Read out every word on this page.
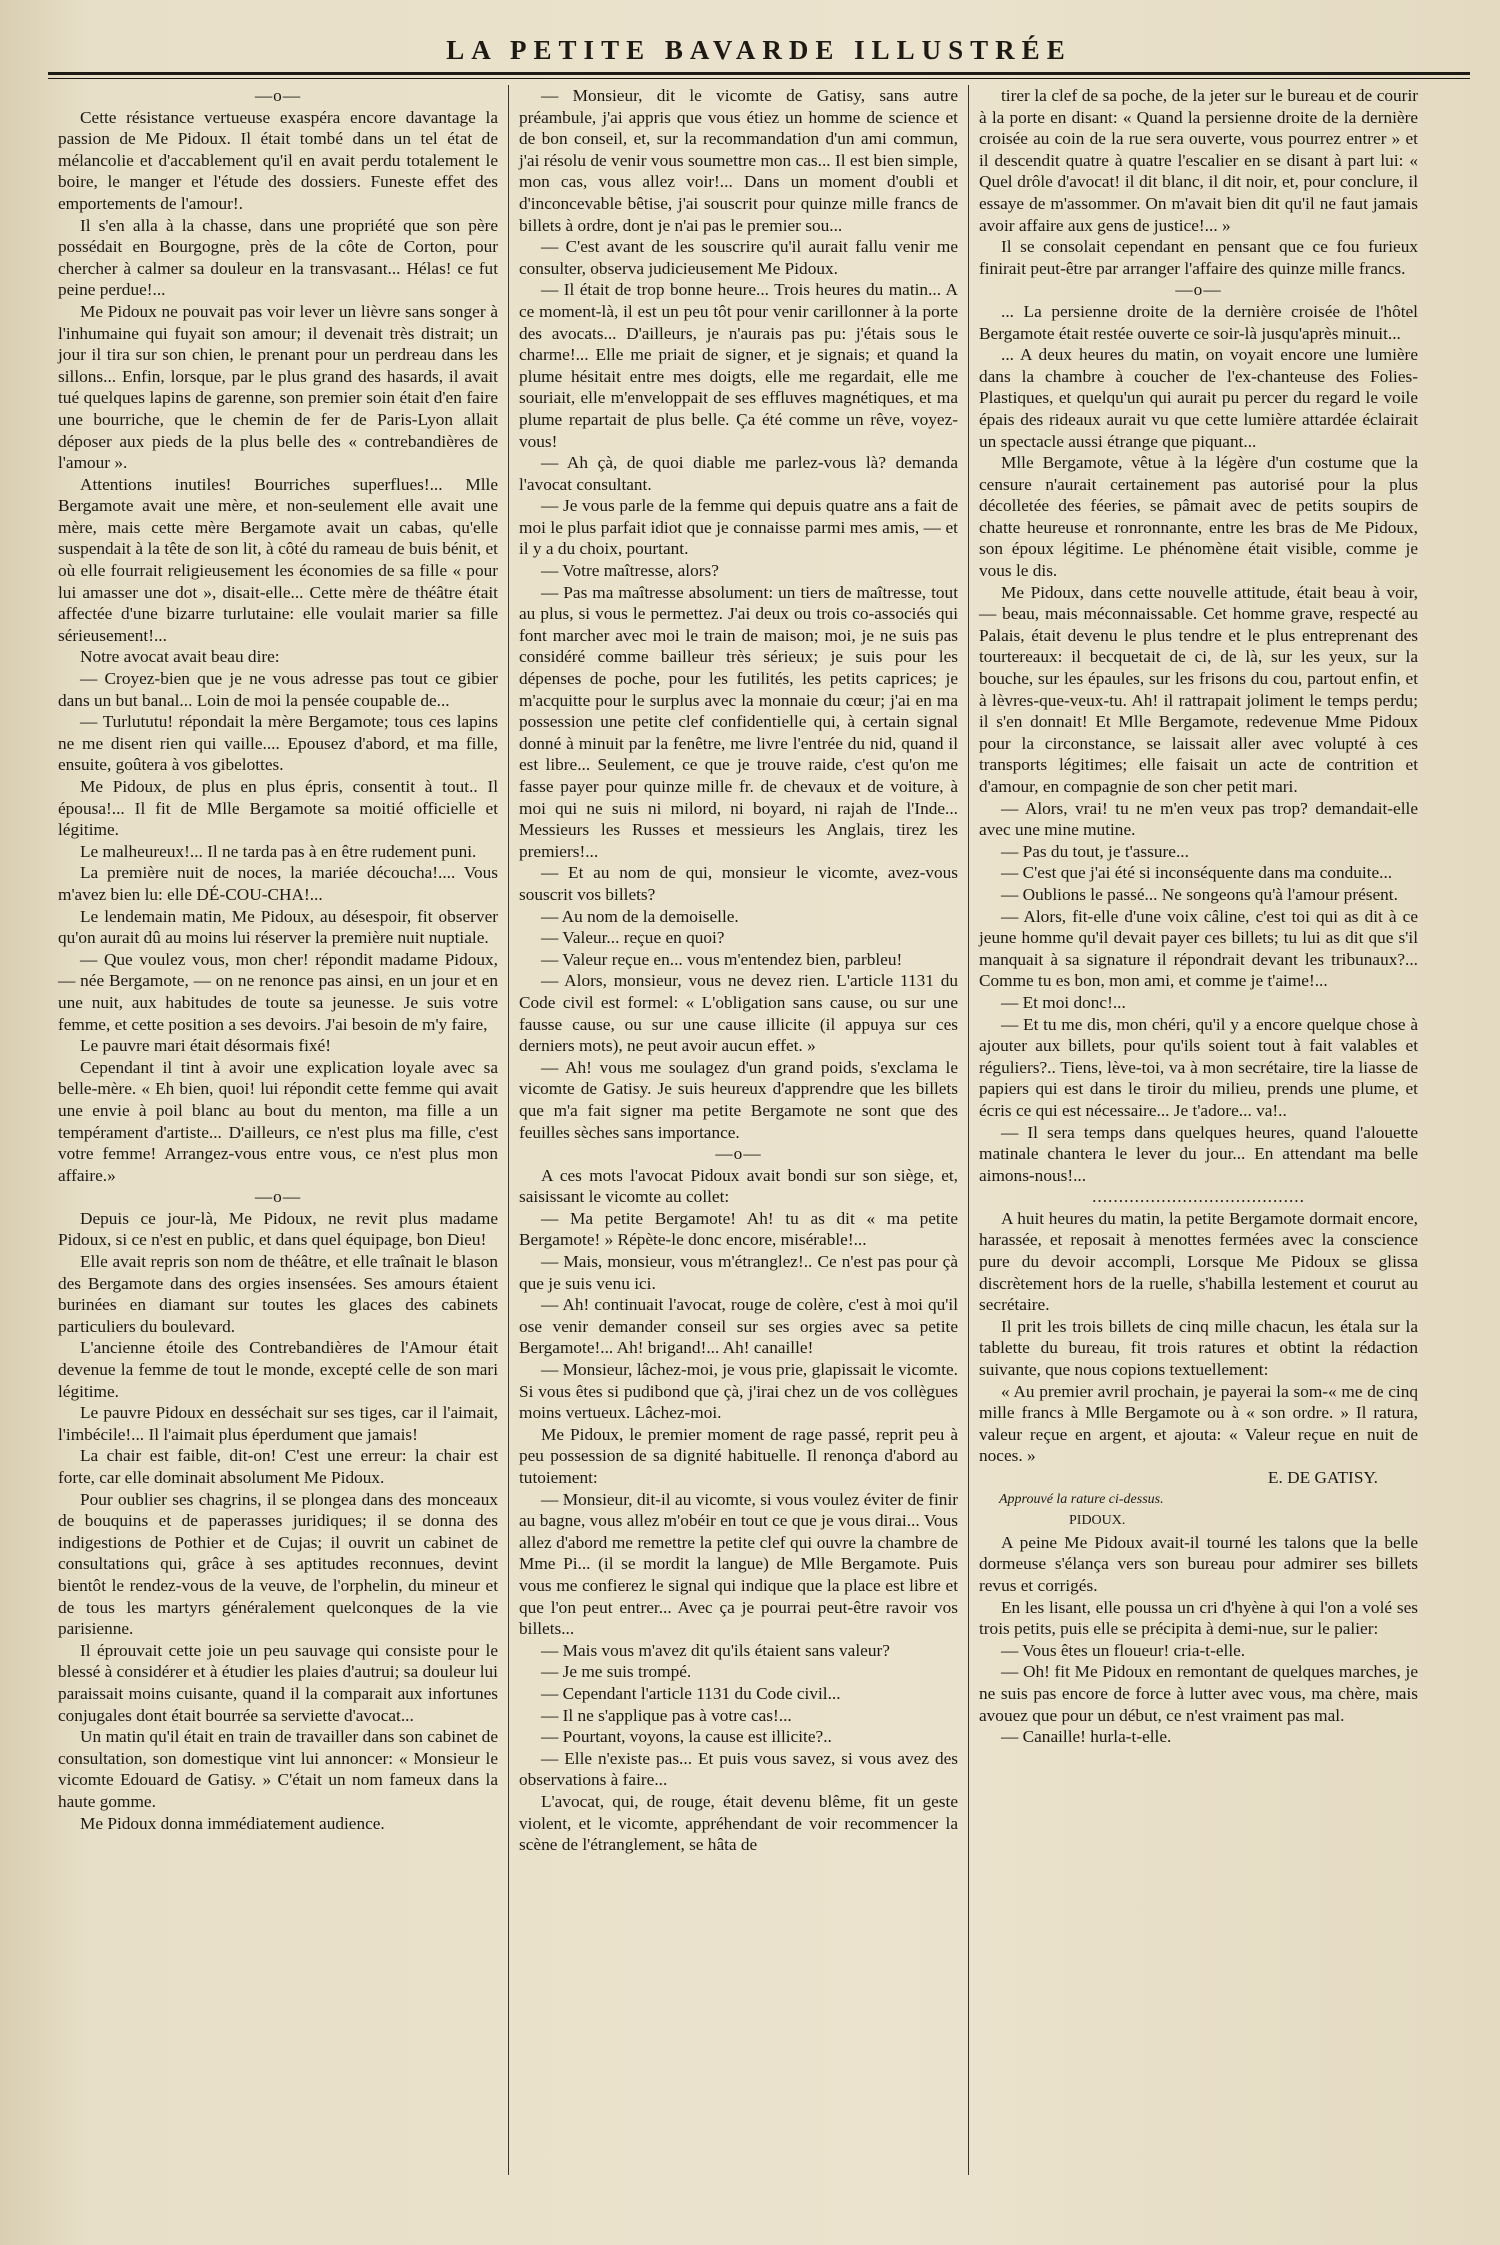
LA PETITE BAVARDE ILLUSTRÉE

—o—

Cette résistance vertueuse exaspéra encore davantage la passion de Me Pidoux. Il était tombé dans un tel état de mélancolie et d'accablement qu'il en avait perdu totalement le boire, le manger et l'étude des dossiers. Funeste effet des emportements de l'amour!.

Il s'en alla à la chasse, dans une propriété que son père possédait en Bourgogne, près de la côte de Corton, pour chercher à calmer sa douleur en la transvasant... Hélas! ce fut peine perdue!...

Me Pidoux ne pouvait pas voir lever un lièvre sans songer à l'inhumaine qui fuyait son amour; il devenait très distrait; un jour il tira sur son chien, le prenant pour un perdreau dans les sillons... Enfin, lorsque, par le plus grand des hasards, il avait tué quelques lapins de garenne, son premier soin était d'en faire une bourriche, que le chemin de fer de Paris-Lyon allait déposer aux pieds de la plus belle des « contrebandières de l'amour ».

Attentions inutiles! Bourriches superflues!... Mlle Bergamote avait une mère, et non-seulement elle avait une mère, mais cette mère Bergamote avait un cabas, qu'elle suspendait à la tête de son lit, à côté du rameau de buis bénit, et où elle fourrait religieusement les économies de sa fille « pour lui amasser une dot », disait-elle... Cette mère de théâtre était affectée d'une bizarre turlutaine: elle voulait marier sa fille sérieusement!...

Notre avocat avait beau dire:

— Croyez-bien que je ne vous adresse pas tout ce gibier dans un but banal... Loin de moi la pensée coupable de...

— Turlututu! répondait la mère Bergamote; tous ces lapins ne me disent rien qui vaille.... Epousez d'abord, et ma fille, ensuite, goûtera à vos gibelottes.

Me Pidoux, de plus en plus épris, consentit à tout.. Il épousa!... Il fit de Mlle Bergamote sa moitié officielle et légitime.

Le malheureux!... Il ne tarda pas à en être rudement puni.

La première nuit de noces, la mariée découcha!.... Vous m'avez bien lu: elle DÉ-COU-CHA!...

Le lendemain matin, Me Pidoux, au désespoir, fit observer qu'on aurait dû au moins lui réserver la première nuit nuptiale.

— Que voulez vous, mon cher! répondit madame Pidoux, — née Bergamote, — on ne renonce pas ainsi, en un jour et en une nuit, aux habitudes de toute sa jeunesse. Je suis votre femme, et cette position a ses devoirs. J'ai besoin de m'y faire,

Le pauvre mari était désormais fixé!

Cependant il tint à avoir une explication loyale avec sa belle-mère. « Eh bien, quoi! lui répondit cette femme qui avait une envie à poil blanc au bout du menton, ma fille a un tempérament d'artiste... D'ailleurs, ce n'est plus ma fille, c'est votre femme! Arrangez-vous entre vous, ce n'est plus mon affaire.»

—o—

Depuis ce jour-là, Me Pidoux, ne revit plus madame Pidoux, si ce n'est en public, et dans quel équipage, bon Dieu!

Elle avait repris son nom de théâtre, et elle traînait le blason des Bergamote dans des orgies insensées. Ses amours étaient burinées en diamant sur toutes les glaces des cabinets particuliers du boulevard.

L'ancienne étoile des Contrebandières de l'Amour était devenue la femme de tout le monde, excepté celle de son mari légitime.

Le pauvre Pidoux en desséchait sur ses tiges, car il l'aimait, l'imbécile!... Il l'aimait plus éperdument que jamais!

La chair est faible, dit-on! C'est une erreur: la chair est forte, car elle dominait absolument Me Pidoux.

Pour oublier ses chagrins, il se plongea dans des monceaux de bouquins et de paperasses juridiques; il se donna des indigestions de Pothier et de Cujas; il ouvrit un cabinet de consultations qui, grâce à ses aptitudes reconnues, devint bientôt le rendez-vous de la veuve, de l'orphelin, du mineur et de tous les martyrs généralement quelconques de la vie parisienne.

Il éprouvait cette joie un peu sauvage qui consiste pour le blessé à considérer et à étudier les plaies d'autrui; sa douleur lui paraissait moins cuisante, quand il la comparait aux infortunes conjugales dont était bourrée sa serviette d'avocat...

Un matin qu'il était en train de travailler dans son cabinet de consultation, son domestique vint lui annoncer: « Monsieur le vicomte Edouard de Gatisy. » C'était un nom fameux dans la haute gomme.

Me Pidoux donna immédiatement audience.

— Monsieur, dit le vicomte de Gatisy, sans autre préambule, j'ai appris que vous étiez un homme de science et de bon conseil, et, sur la recommandation d'un ami commun, j'ai résolu de venir vous soumettre mon cas... Il est bien simple, mon cas, vous allez voir!... Dans un moment d'oubli et d'inconcevable bêtise, j'ai souscrit pour quinze mille francs de billets à ordre, dont je n'ai pas le premier sou...

— C'est avant de les souscrire qu'il aurait fallu venir me consulter, observa judicieusement Me Pidoux.

— Il était de trop bonne heure... Trois heures du matin... A ce moment-là, il est un peu tôt pour venir carillonner à la porte des avocats... D'ailleurs, je n'aurais pas pu: j'étais sous le charme!... Elle me priait de signer, et je signais; et quand la plume hésitait entre mes doigts, elle me regardait, elle me souriait, elle m'enveloppait de ses effluves magnétiques, et ma plume repartait de plus belle. Ça été comme un rêve, voyez-vous!

— Ah çà, de quoi diable me parlez-vous là? demanda l'avocat consultant.

— Je vous parle de la femme qui depuis quatre ans a fait de moi le plus parfait idiot que je connaisse parmi mes amis, — et il y a du choix, pourtant.

— Votre maîtresse, alors?

— Pas ma maîtresse absolument: un tiers de maîtresse, tout au plus, si vous le permettez. J'ai deux ou trois co-associés qui font marcher avec moi le train de maison; moi, je ne suis pas considéré comme bailleur très sérieux; je suis pour les dépenses de poche, pour les futilités, les petits caprices; je m'acquitte pour le surplus avec la monnaie du cœur; j'ai en ma possession une petite clef confidentielle qui, à certain signal donné à minuit par la fenêtre, me livre l'entrée du nid, quand il est libre... Seulement, ce que je trouve raide, c'est qu'on me fasse payer pour quinze mille fr. de chevaux et de voiture, à moi qui ne suis ni milord, ni boyard, ni rajah de l'Inde... Messieurs les Russes et messieurs les Anglais, tirez les premiers!...

— Et au nom de qui, monsieur le vicomte, avez-vous souscrit vos billets?

— Au nom de la demoiselle.

— Valeur... reçue en quoi?

— Valeur reçue en... vous m'entendez bien, parbleu!

— Alors, monsieur, vous ne devez rien. L'article 1131 du Code civil est formel: « L'obligation sans cause, ou sur une fausse cause, ou sur une cause illicite (il appuya sur ces derniers mots), ne peut avoir aucun effet. »

— Ah! vous me soulagez d'un grand poids, s'exclama le vicomte de Gatisy. Je suis heureux d'apprendre que les billets que m'a fait signer ma petite Bergamote ne sont que des feuilles sèches sans importance.

—o—

A ces mots l'avocat Pidoux avait bondi sur son siège, et, saisissant le vicomte au collet:

— Ma petite Bergamote! Ah! tu as dit « ma petite Bergamote! » Répète-le donc encore, misérable!...

— Mais, monsieur, vous m'étranglez!.. Ce n'est pas pour çà que je suis venu ici.

— Ah! continuait l'avocat, rouge de colère, c'est à moi qu'il ose venir demander conseil sur ses orgies avec sa petite Bergamote!... Ah! brigand!... Ah! canaille!

— Monsieur, lâchez-moi, je vous prie, glapissait le vicomte. Si vous êtes si pudibond que çà, j'irai chez un de vos collègues moins vertueux. Lâchez-moi.

Me Pidoux, le premier moment de rage passé, reprit peu à peu possession de sa dignité habituelle. Il renonça d'abord au tutoiement:

— Monsieur, dit-il au vicomte, si vous voulez éviter de finir au bagne, vous allez m'obéir en tout ce que je vous dirai... Vous allez d'abord me remettre la petite clef qui ouvre la chambre de Mme Pi... (il se mordit la langue) de Mlle Bergamote. Puis vous me confierez le signal qui indique que la place est libre et que l'on peut entrer... Avec ça je pourrai peut-être ravoir vos billets...

— Mais vous m'avez dit qu'ils étaient sans valeur?

— Je me suis trompé.

— Cependant l'article 1131 du Code civil...

— Il ne s'applique pas à votre cas!...

— Pourtant, voyons, la cause est illicite?..

— Elle n'existe pas... Et puis vous savez, si vous avez des observations à faire...

L'avocat, qui, de rouge, était devenu blême, fit un geste violent, et le vicomte, appréhendant de voir recommencer la scène de l'étranglement, se hâta de

tirer la clef de sa poche, de la jeter sur le bureau et de courir à la porte en disant: « Quand la persienne droite de la dernière croisée au coin de la rue sera ouverte, vous pourrez entrer » et il descendit quatre à quatre l'escalier en se disant à part lui: « Quel drôle d'avocat! il dit blanc, il dit noir, et, pour conclure, il essaye de m'assommer. On m'avait bien dit qu'il ne faut jamais avoir affaire aux gens de justice!... »

Il se consolait cependant en pensant que ce fou furieux finirait peut-être par arranger l'affaire des quinze mille francs.

—o—

... La persienne droite de la dernière croisée de l'hôtel Bergamote était restée ouverte ce soir-là jusqu'après minuit...

... A deux heures du matin, on voyait encore une lumière dans la chambre à coucher de l'ex-chanteuse des Folies-Plastiques, et quelqu'un qui aurait pu percer du regard le voile épais des rideaux aurait vu que cette lumière attardée éclairait un spectacle aussi étrange que piquant...

Mlle Bergamote, vêtue à la légère d'un costume que la censure n'aurait certainement pas autorisé pour la plus décolletée des féeries, se pâmait avec de petits soupirs de chatte heureuse et ronronnante, entre les bras de Me Pidoux, son époux légitime. Le phénomène était visible, comme je vous le dis.

Me Pidoux, dans cette nouvelle attitude, était beau à voir, — beau, mais méconnaissable. Cet homme grave, respecté au Palais, était devenu le plus tendre et le plus entreprenant des tourtereaux: il becquetait de ci, de là, sur les yeux, sur la bouche, sur les épaules, sur les frisons du cou, partout enfin, et à lèvres-que-veux-tu. Ah! il rattrapait joliment le temps perdu; il s'en donnait! Et Mlle Bergamote, redevenue Mme Pidoux pour la circonstance, se laissait aller avec volupté à ces transports légitimes; elle faisait un acte de contrition et d'amour, en compagnie de son cher petit mari.

— Alors, vrai! tu ne m'en veux pas trop? demandait-elle avec une mine mutine.

— Pas du tout, je t'assure...

— C'est que j'ai été si inconséquente dans ma conduite...

— Oublions le passé... Ne songeons qu'à l'amour présent.

— Alors, fit-elle d'une voix câline, c'est toi qui as dit à ce jeune homme qu'il devait payer ces billets; tu lui as dit que s'il manquait à sa signature il répondrait devant les tribunaux?... Comme tu es bon, mon ami, et comme je t'aime!...

— Et moi donc!...

— Et tu me dis, mon chéri, qu'il y a encore quelque chose à ajouter aux billets, pour qu'ils soient tout à fait valables et réguliers?.. Tiens, lève-toi, va à mon secrétaire, tire la liasse de papiers qui est dans le tiroir du milieu, prends une plume, et écris ce qui est nécessaire... Je t'adore... va!..

— Il sera temps dans quelques heures, quand l'alouette matinale chantera le lever du jour... En attendant ma belle aimons-nous!...

........................................

A huit heures du matin, la petite Bergamote dormait encore, harassée, et reposait à menottes fermées avec la conscience pure du devoir accompli, Lorsque Me Pidoux se glissa discrètement hors de la ruelle, s'habilla lestement et courut au secrétaire.

Il prit les trois billets de cinq mille chacun, les étala sur la tablette du bureau, fit trois ratures et obtint la rédaction suivante, que nous copions textuellement:

« Au premier avril prochain, je payerai la som-« me de cinq mille francs à Mlle Bergamote ou à « son ordre. » Il ratura, valeur reçue en argent, et ajouta: « Valeur reçue en nuit de noces. »

E. DE GATISY.

Approuvé la rature ci-dessus.

PIDOUX.

A peine Me Pidoux avait-il tourné les talons que la belle dormeuse s'élança vers son bureau pour admirer ses billets revus et corrigés.

En les lisant, elle poussa un cri d'hyène à qui l'on a volé ses trois petits, puis elle se précipita à demi-nue, sur le palier:

— Vous êtes un floueur! cria-t-elle.

— Oh! fit Me Pidoux en remontant de quelques marches, je ne suis pas encore de force à lutter avec vous, ma chère, mais avouez que pour un début, ce n'est vraiment pas mal.

— Canaille! hurla-t-elle.
